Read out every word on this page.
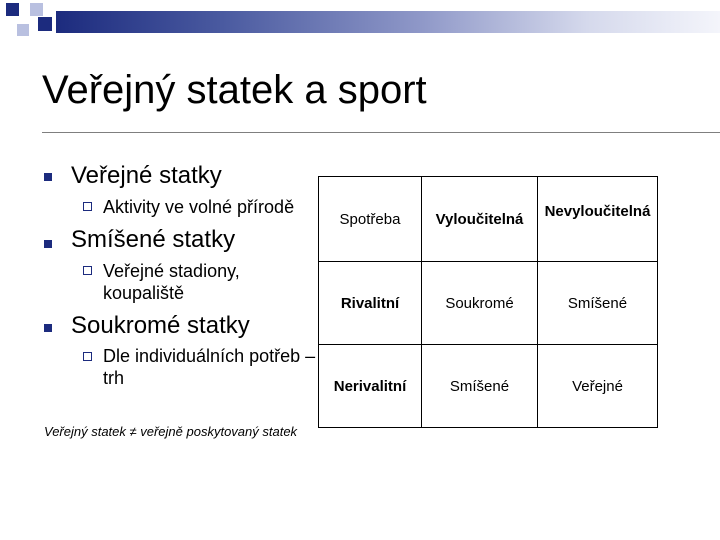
Veřejný statek a sport
Veřejné statky
Aktivity ve volné přírodě
Smíšené statky
Veřejné stadiony, koupaliště
Soukromé statky
Dle individuálních potřeb – trh
Veřejný statek ≠ veřejně poskytovaný statek
Spotřeba	Vyloučitelná	Nevyloučitelná

Rivalitní	Soukromé	Smíšené
Nerivalitní	Smíšené	Veřejné
